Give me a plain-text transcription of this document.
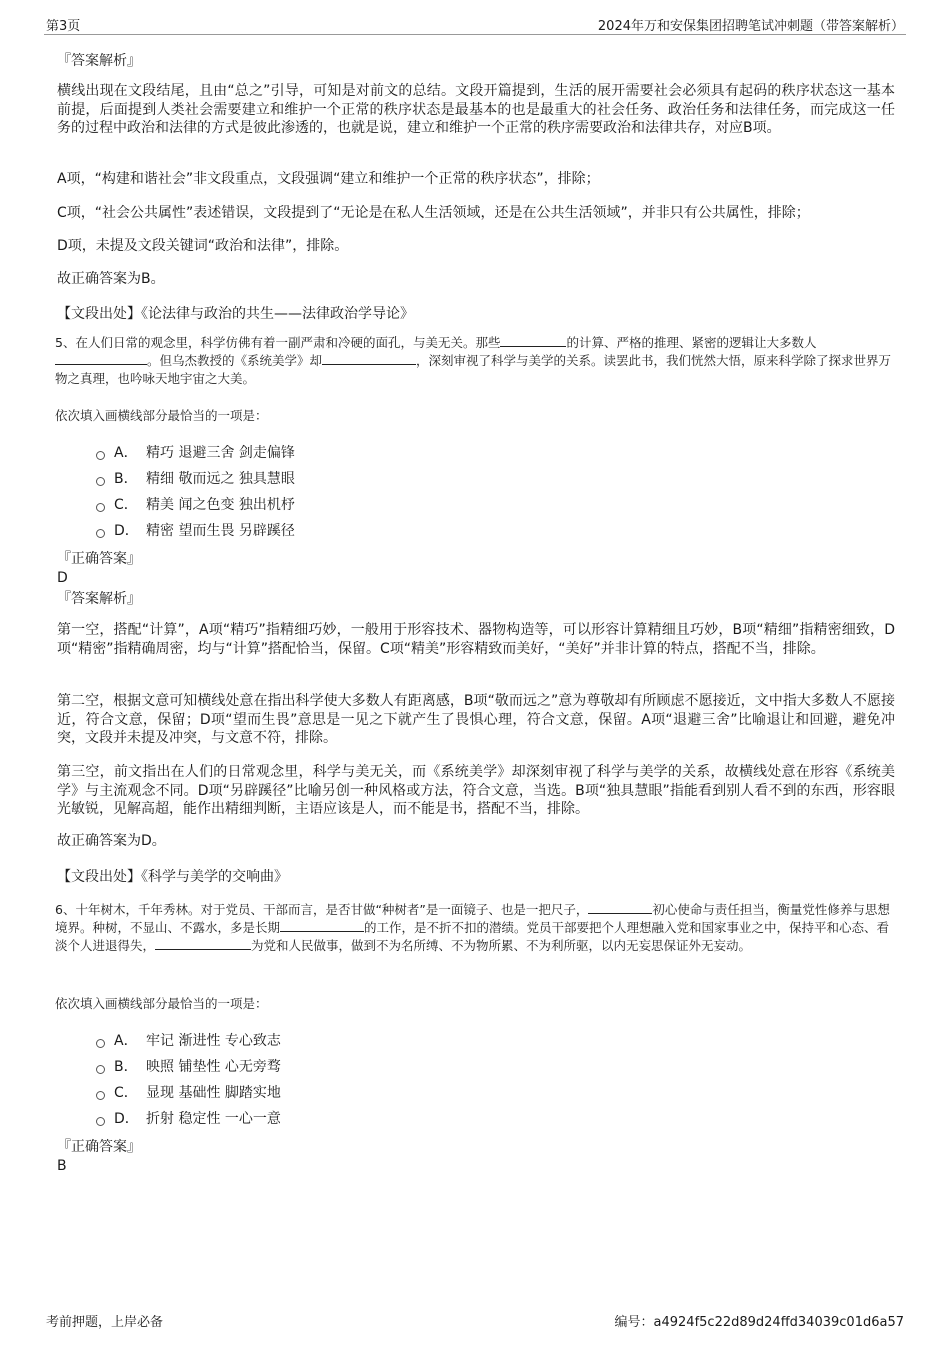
第3页	2024年万和安保集团招聘笔试冲刺题（带答案解析）
『答案解析』

横线出现在文段结尾，且由“总之”引导，可知是对前文的总结。文段开篇提到，生活的展开需要社会必须具有起码的秩序状态这一基本前提，后面提到人类社会需要建立和维护一个正常的秩序状态是最基本的也是最重大的社会任务、政治任务和法律任务，而完成这一任务的过程中政治和法律的方式是彼此渗透的，也就是说，建立和维护一个正常的秩序需要政治和法律共存，对应B项。

A项，“构建和谐社会”非文段重点，文段强调“建立和维护一个正常的秩序状态”，排除；

C项，“社会公共属性”表述错误，文段提到了“无论是在私人生活领域，还是在公共生活领域”，并非只有公共属性，排除；

D项，未提及文段关键词“政治和法律”，排除。

故正确答案为B。

【文段出处】《论法律与政治的共生——法律政治学导论》

5、在人们日常的观念里，科学仿佛有着一副严肃和冷硬的面孔，与美无关。那些	的计算、严格的推理、紧密的逻辑让大多数人
。但乌杰教授的《系统美学》却	，深刻审视了科学与美学的关系。读罢此书，我们恍然大悟，原来科学除了探求世界万物之真理，也吟咏天地宇宙之大美。

依次填入画横线部分最恰当的一项是：

A． 精巧 退避三舍 剑走偏锋
B． 精细 敬而远之 独具慧眼
C． 精美 闻之色变 独出机杼
D． 精密 望而生畏 另辟蹊径
『正确答案』
D
『答案解析』

第一空，搭配“计算”，A项“精巧”指精细巧妙，一般用于形容技术、器物构造等，可以形容计算精细且巧妙，B项“精细”指精密细致，D项“精密”指精确周密，均与“计算”搭配恰当，保留。C项“精美”形容精致而美好，“美好”并非计算的特点，搭配不当，排除。

第二空，根据文意可知横线处意在指出科学使大多数人有距离感，B项“敬而远之”意为尊敬却有所顾虑不愿接近，文中指大多数人不愿接近，符合文意，保留；D项“望而生畏”意思是一见之下就产生了畏惧心理，符合文意，保留。A项“退避三舍”比喻退让和回避，避免冲突，文段并未提及冲突，与文意不符，排除。

第三空，前文指出在人们的日常观念里，科学与美无关，而《系统美学》却深刻审视了科学与美学的关系，故横线处意在形容《系统美学》与主流观念不同。D项“另辟蹊径”比喻另创一种风格或方法，符合文意，当选。B项“独具慧眼”指能看到别人看不到的东西，形容眼光敏锐，见解高超，能作出精细判断，主语应该是人，而不能是书，搭配不当，排除。

故正确答案为D。

【文段出处】《科学与美学的交响曲》

6、十年树木，千年秀林。对于党员、干部而言，是否甘做“种树者”是一面镜子、也是一把尺子，	初心使命与责任担当，衡量党性修养与思想境界。种树，不显山、不露水，多是长期	的工作，是不折不扣的潜绩。党员干部要把个人理想融入党和国家事业之中，保持平和心态、看淡个人进退得失，	为党和人民做事，做到不为名所缚、不为物所累、不为利所驱，以内无妄思保证外无妄动。

依次填入画横线部分最恰当的一项是：

A． 牢记 渐进性 专心致志
B． 映照 铺垫性 心无旁骛
C． 显现 基础性 脚踏实地
D． 折射 稳定性 一心一意
『正确答案』
B
考前押题，上岸必备	编号：a4924f5c22d89d24ffd34039c01d6a57
